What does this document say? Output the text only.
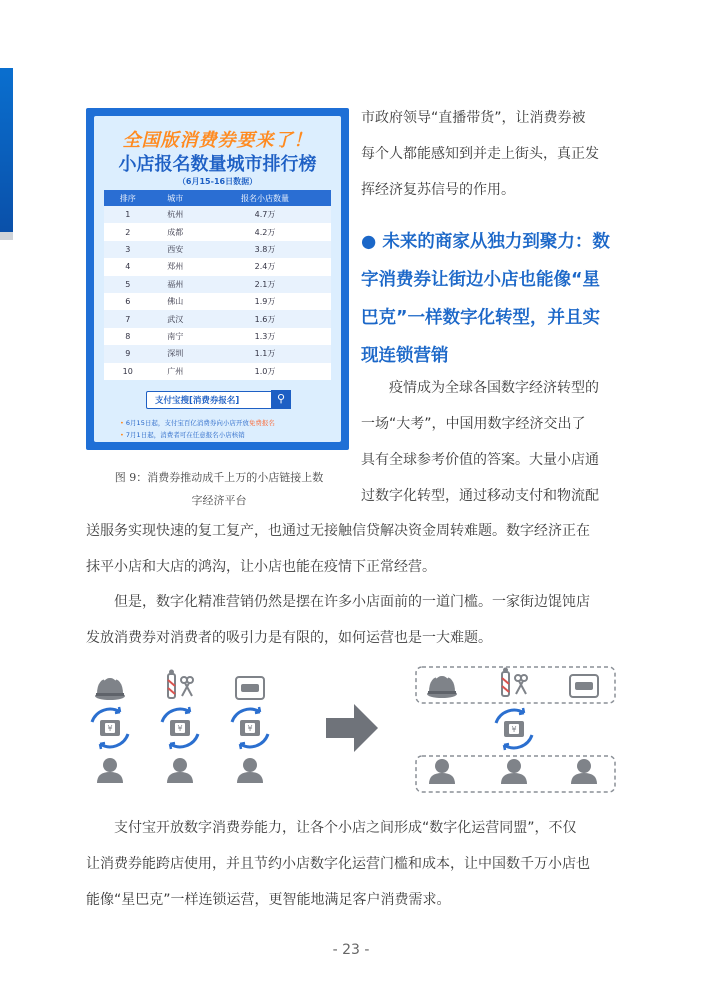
全国版消费券要来了！
小店报名数量城市排行榜
（6月15-16日数据）
排序	城市	报名小店数量
1	杭州	4.7万
2	成都	4.2万
3	西安	3.8万
4	郑州	2.4万
5	福州	2.1万
6	佛山	1.9万
7	武汉	1.6万
8	南宁	1.3万
9	深圳	1.1万
10	广州	1.0万
支付宝搜[消费券报名]	⚲
• 6月15日起，支付宝百亿消费券向小店开放免费报名
• 7月1日起，消费者可在任意报名小店核销
图 9：消费券推动成千上万的小店链接上数
字经济平台
市政府领导“直播带货”，让消费券被
每个人都能感知到并走上街头，真正发
挥经济复苏信号的作用。
● 未来的商家从独力到聚力：数
字消费券让街边小店也能像“星
巴克”一样数字化转型，并且实
现连锁营销
疫情成为全球各国数字经济转型的
一场“大考”，中国用数字经济交出了
具有全球参考价值的答案。大量小店通
过数字化转型，通过移动支付和物流配
送服务实现快速的复工复产，也通过无接触信贷解决资金周转难题。数字经济正在
抹平小店和大店的鸿沟，让小店也能在疫情下正常经营。
但是，数字化精准营销仍然是摆在许多小店面前的一道门槛。一家街边馄饨店
发放消费券对消费者的吸引力是有限的，如何运营也是一大难题。
¥
支付宝开放数字消费券能力，让各个小店之间形成“数字化运营同盟”，不仅
让消费券能跨店使用，并且节约小店数字化运营门槛和成本，让中国数千万小店也
能像“星巴克”一样连锁运营，更智能地满足客户消费需求。
- 23 -
